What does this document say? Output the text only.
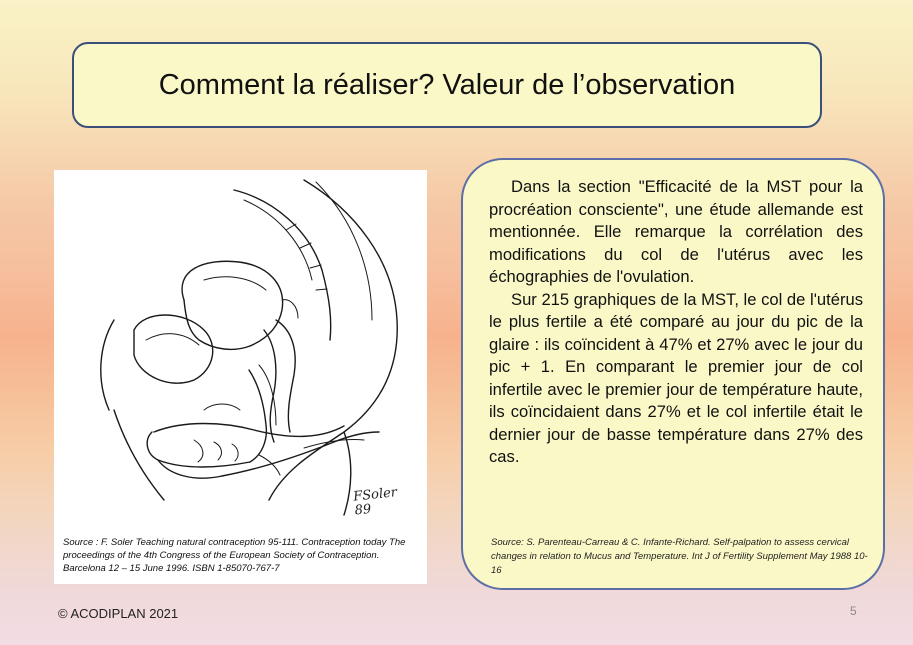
Comment la réaliser? Valeur de l’observation
FSoler 89
Source : F. Soler Teaching natural contraception 95-111. Contraception today The proceedings of the 4th Congress of the European Society of Contraception. Barcelona 12 – 15 June 1996. ISBN 1-85070-767-7

Dans la section "Efficacité de la MST pour la procréation consciente", une étude allemande est mentionnée. Elle remarque la corrélation des modifications du col de l'utérus avec les échographies de l'ovulation.

Sur 215 graphiques de la MST, le col de l'utérus le plus fertile a été comparé au jour du pic de la glaire : ils coïncident à 47% et 27% avec le jour du pic + 1. En comparant le premier jour de col infertile avec le premier jour de température haute, ils coïncidaient dans 27% et le col infertile était le dernier jour de basse température dans 27% des cas.

Source: S. Parenteau-Carreau & C. Infante-Richard. Self-palpation to assess cervical changes in relation to Mucus and Temperature. Int J of Fertility Supplement May 1988 10-16
© ACODIPLAN 2021	5
